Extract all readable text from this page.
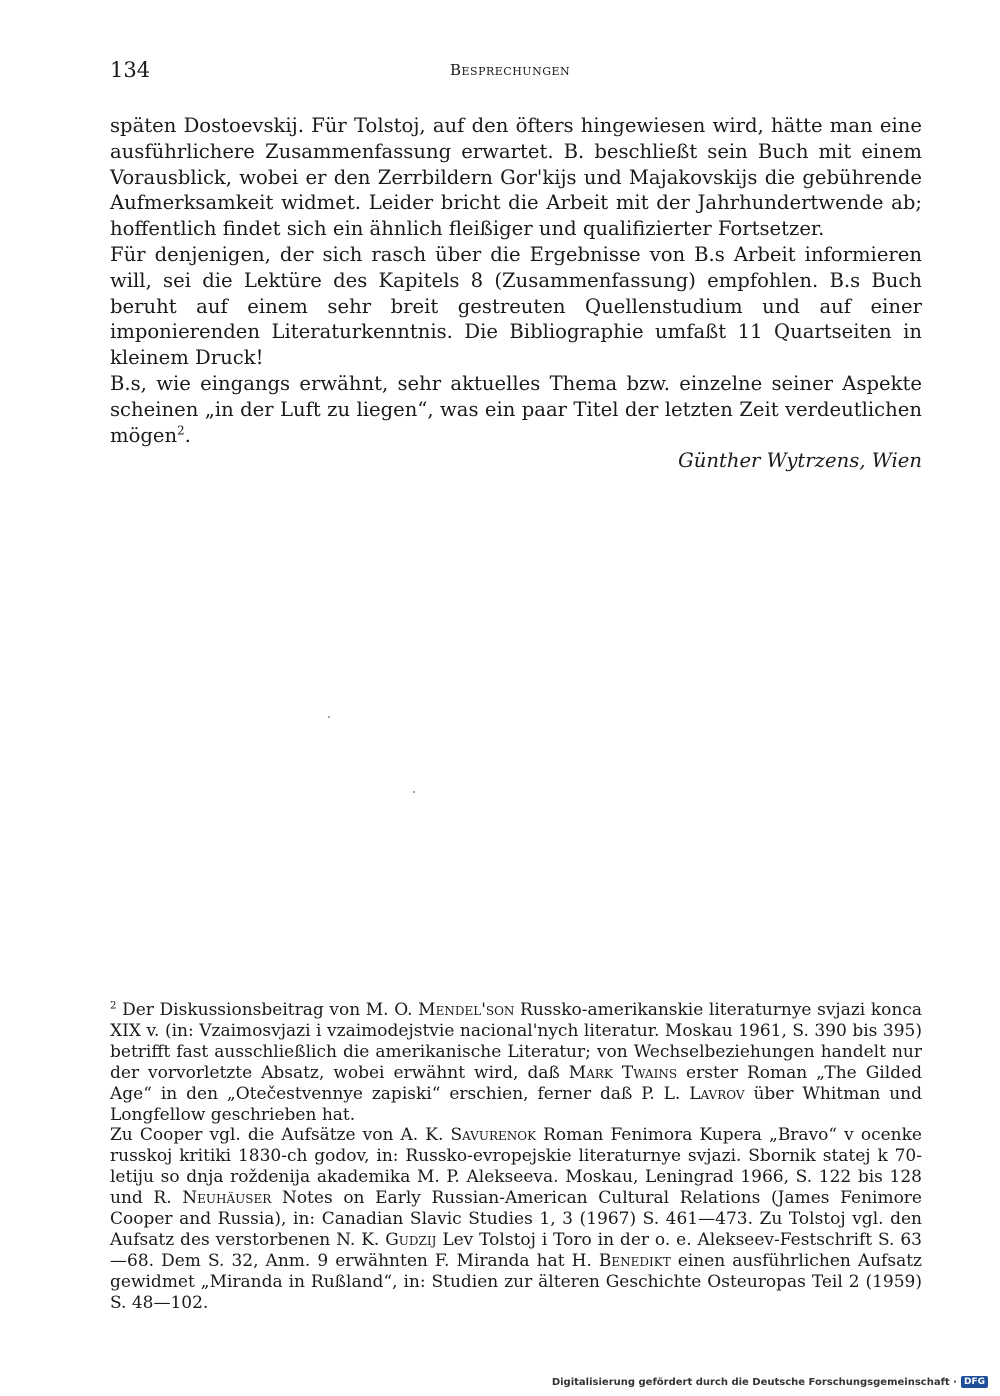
134	Besprechungen

späten Dostoevskij. Für Tolstoj, auf den öfters hingewiesen wird, hätte man eine ausführlichere Zusammenfassung erwartet. B. beschließt sein Buch mit einem Vorausblick, wobei er den Zerrbildern Gor'kijs und Majakovskijs die gebührende Aufmerksamkeit widmet. Leider bricht die Arbeit mit der Jahrhundertwende ab; hoffentlich findet sich ein ähnlich fleißiger und qualifizierter Fortsetzer.

Für denjenigen, der sich rasch über die Ergebnisse von B.s Arbeit informieren will, sei die Lektüre des Kapitels 8 (Zusammenfassung) empfohlen. B.s Buch beruht auf einem sehr breit gestreuten Quellenstudium und auf einer imponierenden Literaturkenntnis. Die Bibliographie umfaßt 11 Quartseiten in kleinem Druck!

B.s, wie eingangs erwähnt, sehr aktuelles Thema bzw. einzelne seiner Aspekte scheinen „in der Luft zu liegen“, was ein paar Titel der letzten Zeit verdeutlichen mögen$^2$.

Günther Wytrzens, Wien

$^2$ Der Diskussionsbeitrag von M. O. Mendel'son Russko-amerikanskie literaturnye svjazi konca XIX v. (in: Vzaimosvjazi i vzaimodejstvie nacional'nych literatur. Moskau 1961, S. 390 bis 395) betrifft fast ausschließlich die amerikanische Literatur; von Wechselbeziehungen handelt nur der vorvorletzte Absatz, wobei erwähnt wird, daß Mark Twains erster Roman „The Gilded Age“ in den „Otečestvennye zapiski“ erschien, ferner daß P. L. Lavrov über Whitman und Longfellow geschrieben hat.

Zu Cooper vgl. die Aufsätze von A. K. Savurenok Roman Fenimora Kupera „Bravo“ v ocenke russkoj kritiki 1830-ch godov, in: Russko-evropejskie literaturnye svjazi. Sbornik statej k 70-letiju so dnja roždenija akademika M. P. Alekseeva. Moskau, Leningrad 1966, S. 122 bis 128 und R. Neuhäuser Notes on Early Russian-American Cultural Relations (James Fenimore Cooper and Russia), in: Canadian Slavic Studies 1, 3 (1967) S. 461—473. Zu Tolstoj vgl. den Aufsatz des verstorbenen N. K. Gudzij Lev Tolstoj i Toro in der o. e. Alekseev-Festschrift S. 63—68. Dem S. 32, Anm. 9 erwähnten F. Miranda hat H. Benedikt einen ausführlichen Aufsatz gewidmet „Miranda in Rußland“, in: Studien zur älteren Geschichte Osteuropas Teil 2 (1959) S. 48—102.

Digitalisierung gefördert durch die Deutsche Forschungsgemeinschaft · DFG
